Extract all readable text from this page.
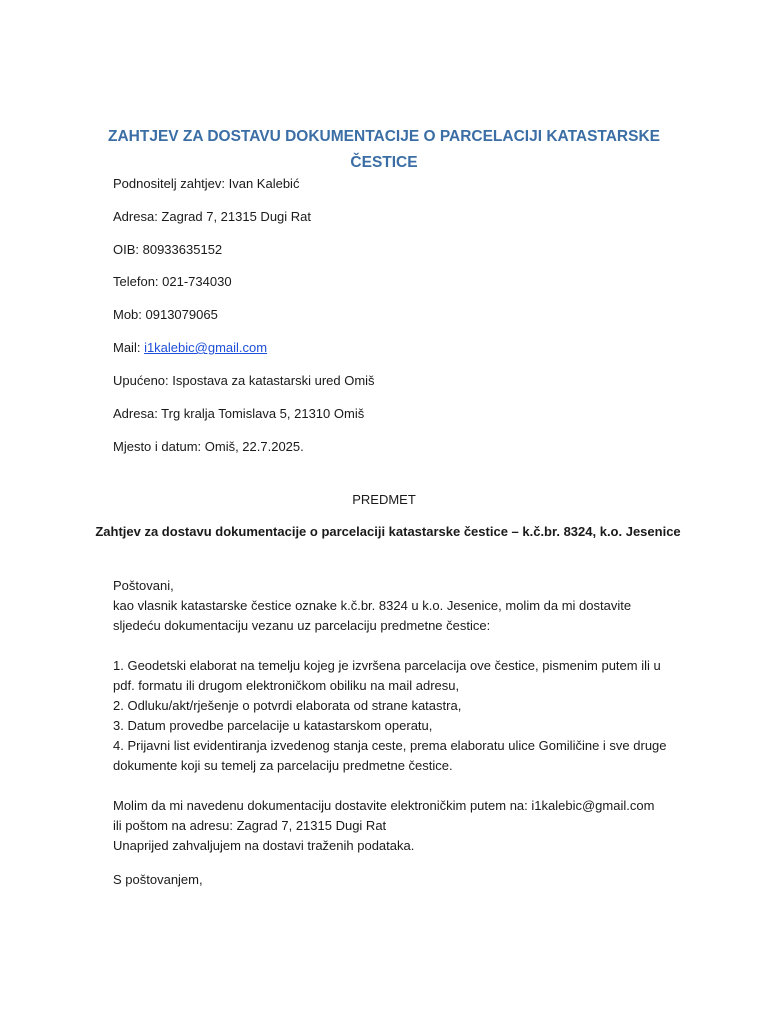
ZAHTJEV ZA DOSTAVU DOKUMENTACIJE O PARCELACIJI KATASTARSKE ČESTICE
Podnositelj zahtjev: Ivan Kalebić
Adresa: Zagrad 7, 21315 Dugi Rat
OIB: 80933635152
Telefon: 021-734030
Mob: 0913079065
Mail: i1kalebic@gmail.com
Upućeno: Ispostava za katastarski ured Omiš
Adresa: Trg kralja Tomislava 5, 21310 Omiš
Mjesto i datum: Omiš, 22.7.2025.
PREDMET
Zahtjev za dostavu dokumentacije o parcelaciji katastarske čestice – k.č.br. 8324, k.o. Jesenice
Poštovani,
kao vlasnik katastarske čestice oznake k.č.br. 8324 u k.o. Jesenice, molim da mi dostavite
sljedeću dokumentaciju vezanu uz parcelaciju predmetne čestice:
1. Geodetski elaborat na temelju kojeg je izvršena parcelacija ove čestice, pismenim putem ili u
pdf. formatu ili drugom elektroničkom obiliku na mail adresu,
2. Odluku/akt/rješenje o potvrdi elaborata od strane katastra,
3. Datum provedbe parcelacije u katastarskom operatu,
4. Prijavni list evidentiranja izvedenog stanja ceste, prema elaboratu ulice Gomiličine i sve druge
dokumente koji su temelj za parcelaciju predmetne čestice.
Molim da mi navedenu dokumentaciju dostavite elektroničkim putem na: i1kalebic@gmail.com
ili poštom na adresu: Zagrad 7, 21315 Dugi Rat
Unaprijed zahvaljujem na dostavi traženih podataka.
S poštovanjem,
